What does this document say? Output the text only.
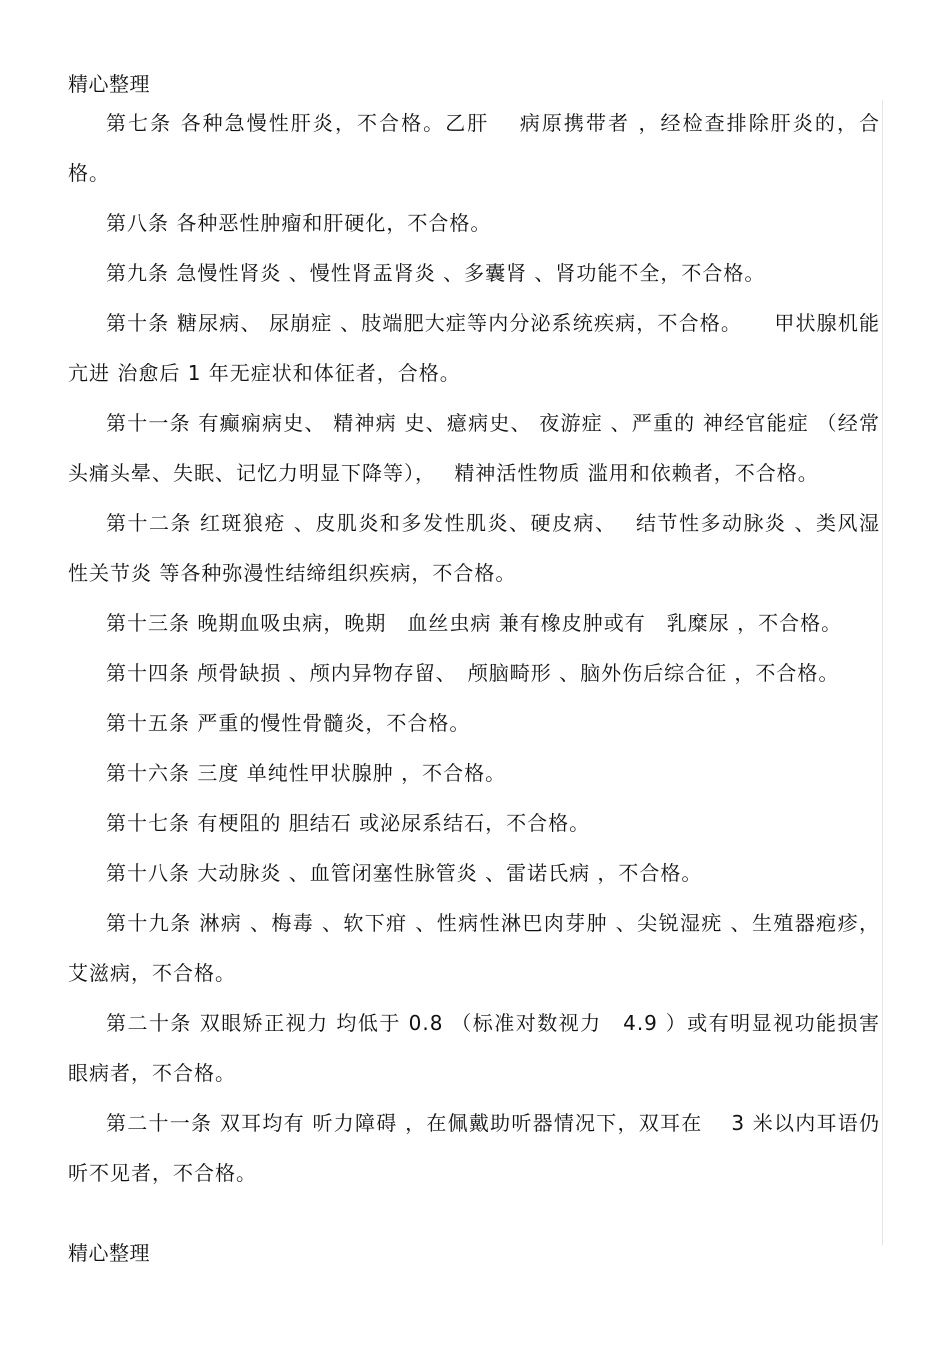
精心整理

第七条 各种急慢性肝炎，不合格。乙肝　 病原携带者 ，经检查排除肝炎的，合格。

第八条 各种恶性肿瘤和肝硬化，不合格。

第九条 急慢性肾炎 、慢性肾盂肾炎 、多囊肾 、肾功能不全，不合格。

第十条 糖尿病、 尿崩症 、肢端肥大症等内分泌系统疾病，不合格。　　甲状腺机能亢进 治愈后 1 年无症状和体征者，合格。

第十一条 有癫痫病史、 精神病 史、癔病史、 夜游症 、严重的 神经官能症 （经常头痛头晕、失眠、记忆力明显下降等），　 精神活性物质 滥用和依赖者，不合格。

第十二条 红斑狼疮 、皮肌炎和多发性肌炎、硬皮病、　 结节性多动脉炎 、类风湿性关节炎 等各种弥漫性结缔组织疾病，不合格。

第十三条 晚期血吸虫病，晚期　血丝虫病 兼有橡皮肿或有　乳糜尿 ，不合格。

第十四条 颅骨缺损 、颅内异物存留、　颅脑畸形 、脑外伤后综合征 ，不合格。

第十五条 严重的慢性骨髓炎，不合格。

第十六条 三度 单纯性甲状腺肿 ，不合格。

第十七条 有梗阻的 胆结石 或泌尿系结石，不合格。

第十八条 大动脉炎 、血管闭塞性脉管炎 、雷诺氏病 ，不合格。

第十九条 淋病 、梅毒 、软下疳 、性病性淋巴肉芽肿 、尖锐湿疣 、生殖器疱疹，艾滋病，不合格。

第二十条 双眼矫正视力 均低于 0.8 （标准对数视力　4.9 ）或有明显视功能损害眼病者，不合格。

第二十一条 双耳均有 听力障碍 ，在佩戴助听器情况下，双耳在　 3 米以内耳语仍听不见者，不合格。

精心整理
